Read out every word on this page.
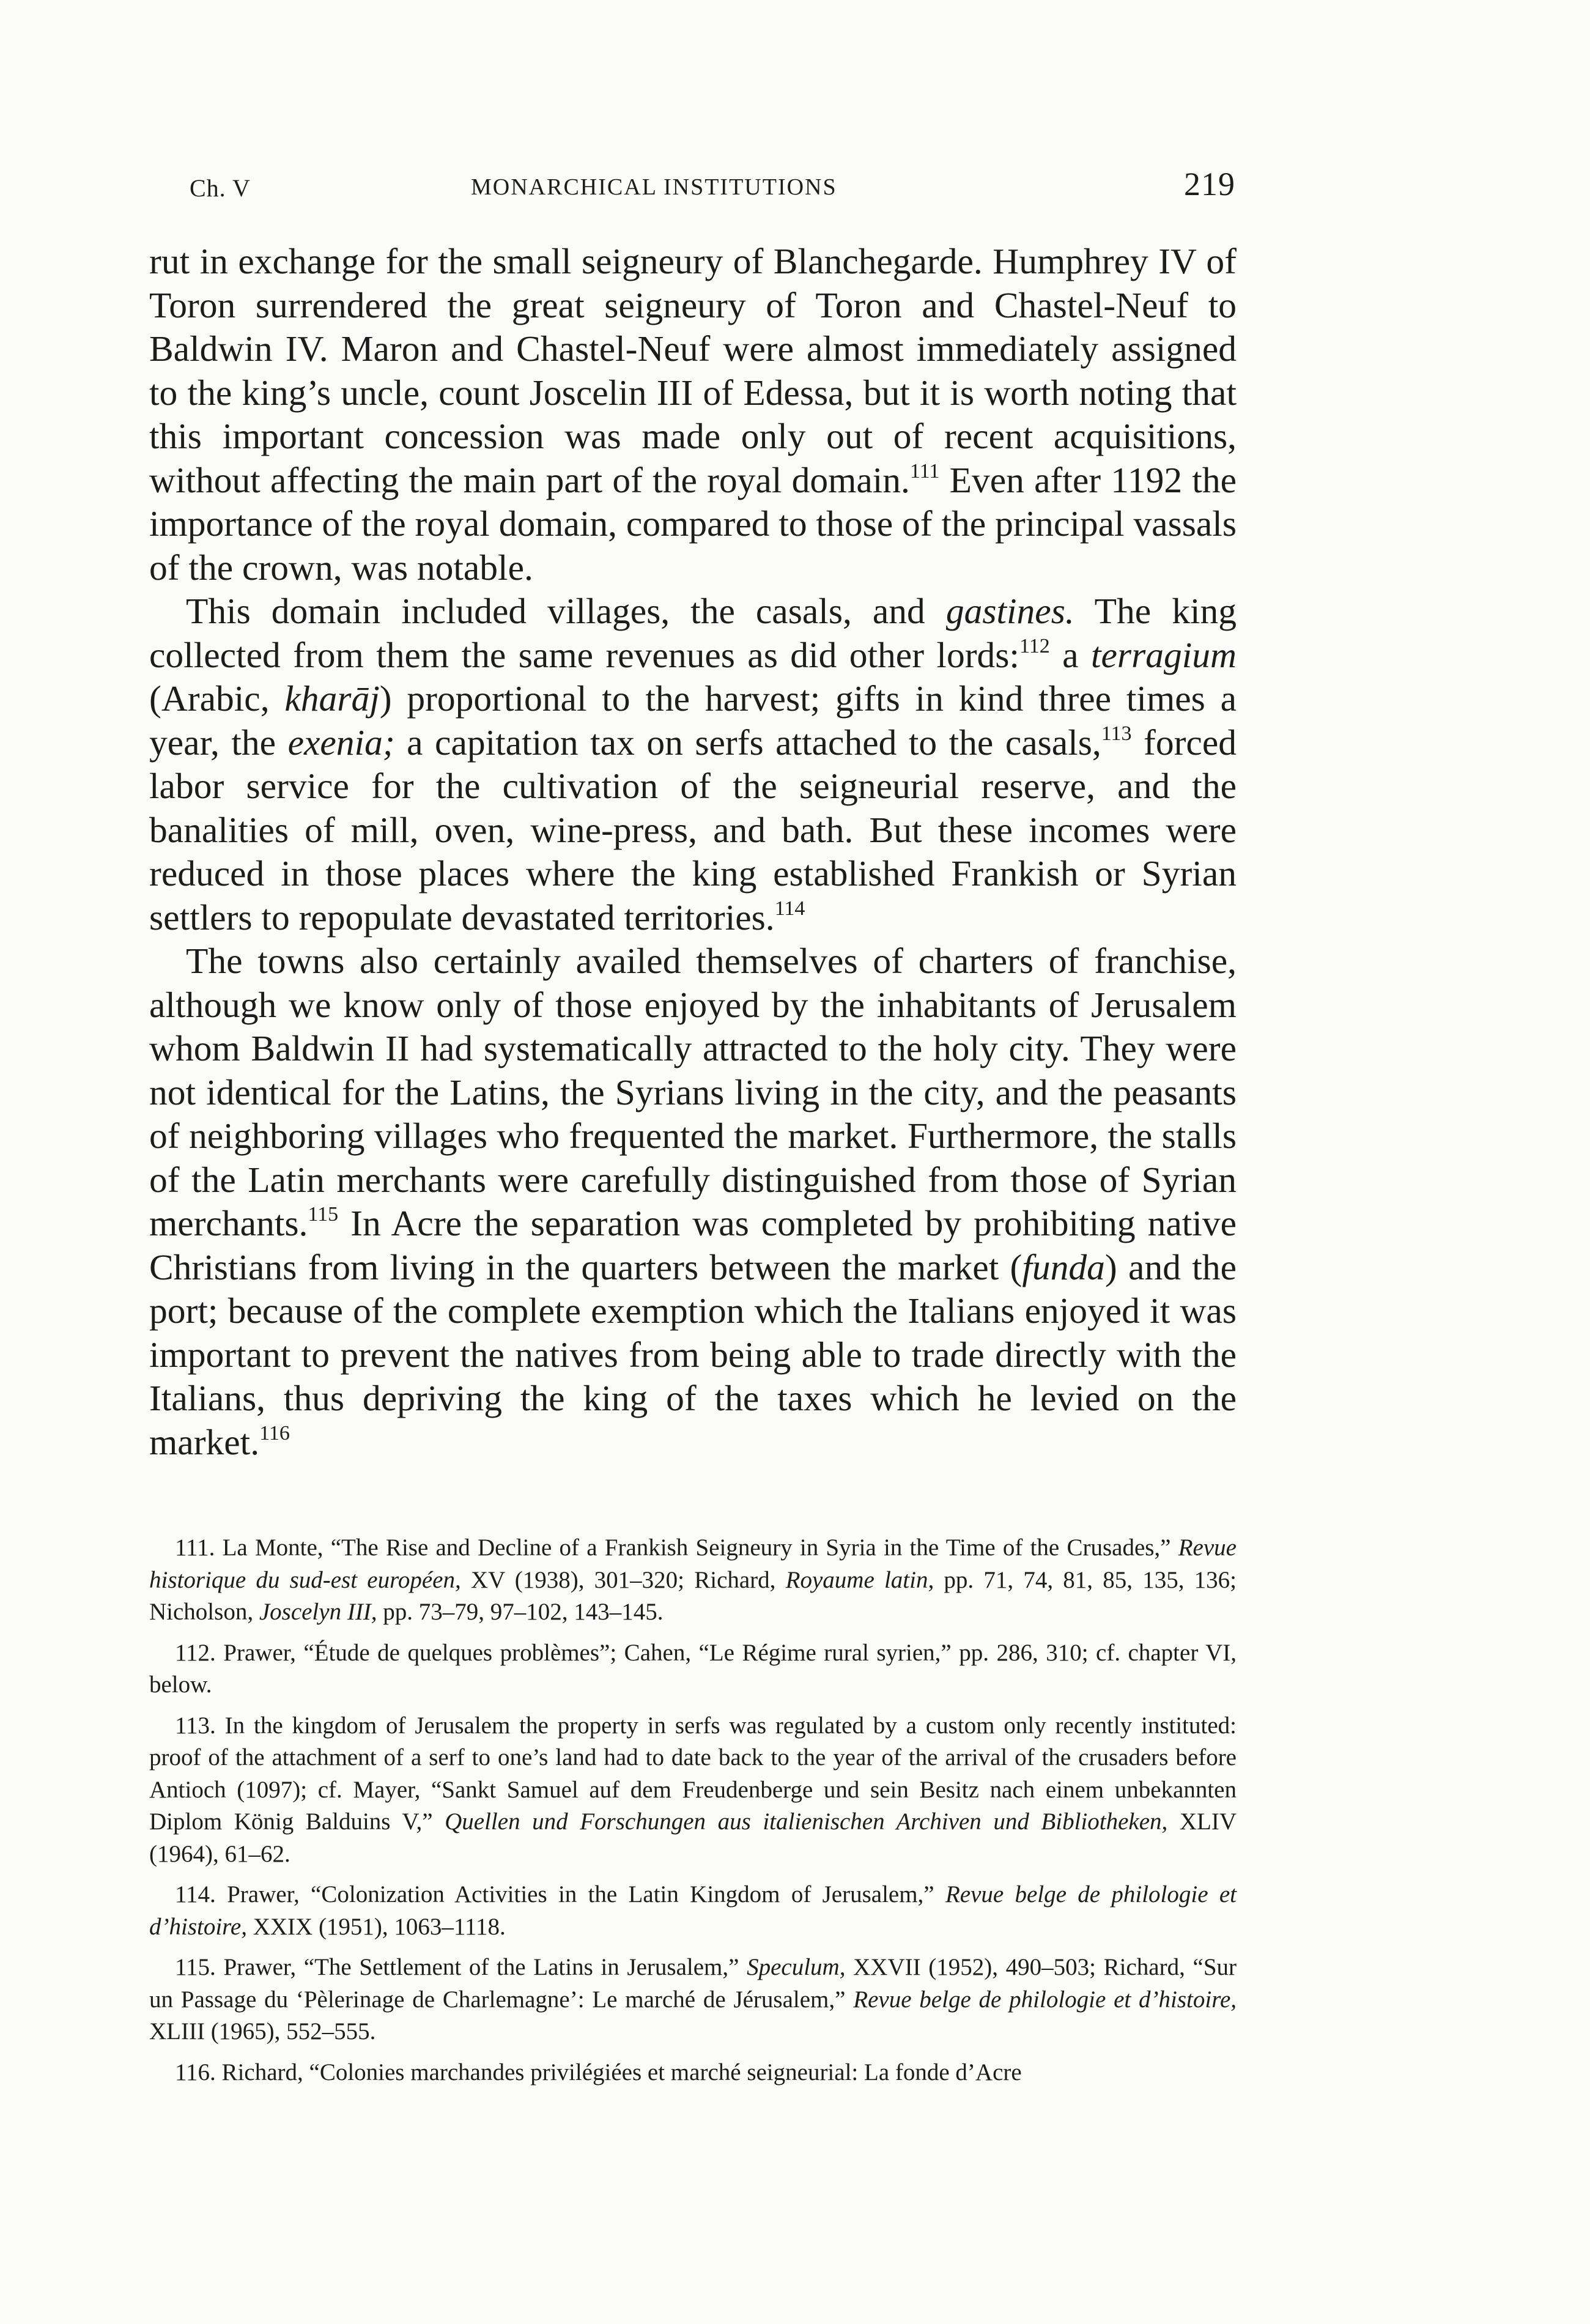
Ch. V	MONARCHICAL INSTITUTIONS	219

rut in exchange for the small seigneury of Blanchegarde. Humphrey IV of Toron surrendered the great seigneury of Toron and Chastel-Neuf to Baldwin IV. Maron and Chastel-Neuf were almost immediately assigned to the king’s uncle, count Joscelin III of Edessa, but it is worth noting that this important concession was made only out of recent acquisitions, without affecting the main part of the royal domain.$^{111}$ Even after 1192 the importance of the royal domain, compared to those of the principal vassals of the crown, was notable.

This domain included villages, the casals, and gastines. The king collected from them the same revenues as did other lords:$^{112}$ a terragium (Arabic, kharāj) proportional to the harvest; gifts in kind three times a year, the exenia; a capitation tax on serfs attached to the casals,$^{113}$ forced labor service for the cultivation of the seigneurial reserve, and the banalities of mill, oven, wine-press, and bath. But these incomes were reduced in those places where the king established Frankish or Syrian settlers to repopulate devastated territories.$^{114}$

The towns also certainly availed themselves of charters of franchise, although we know only of those enjoyed by the inhabitants of Jerusalem whom Baldwin II had systematically attracted to the holy city. They were not identical for the Latins, the Syrians living in the city, and the peasants of neighboring villages who frequented the market. Furthermore, the stalls of the Latin merchants were carefully distinguished from those of Syrian merchants.$^{115}$ In Acre the separation was completed by prohibiting native Christians from living in the quarters between the market (funda) and the port; because of the complete exemption which the Italians enjoyed it was important to prevent the natives from being able to trade directly with the Italians, thus depriving the king of the taxes which he levied on the market.$^{116}$

111. La Monte, “The Rise and Decline of a Frankish Seigneury in Syria in the Time of the Crusades,” Revue historique du sud-est européen, XV (1938), 301–320; Richard, Royaume latin, pp. 71, 74, 81, 85, 135, 136; Nicholson, Joscelyn III, pp. 73–79, 97–102, 143–145.

112. Prawer, “Étude de quelques problèmes”; Cahen, “Le Régime rural syrien,” pp. 286, 310; cf. chapter VI, below.

113. In the kingdom of Jerusalem the property in serfs was regulated by a custom only recently instituted: proof of the attachment of a serf to one’s land had to date back to the year of the arrival of the crusaders before Antioch (1097); cf. Mayer, “Sankt Samuel auf dem Freudenberge und sein Besitz nach einem unbekannten Diplom König Balduins V,” Quellen und Forschungen aus italienischen Archiven und Bibliotheken, XLIV (1964), 61–62.

114. Prawer, “Colonization Activities in the Latin Kingdom of Jerusalem,” Revue belge de philologie et d’histoire, XXIX (1951), 1063–1118.

115. Prawer, “The Settlement of the Latins in Jerusalem,” Speculum, XXVII (1952), 490–503; Richard, “Sur un Passage du ‘Pèlerinage de Charlemagne’: Le marché de Jérusalem,” Revue belge de philologie et d’histoire, XLIII (1965), 552–555.

116. Richard, “Colonies marchandes privilégiées et marché seigneurial: La fonde d’Acre
